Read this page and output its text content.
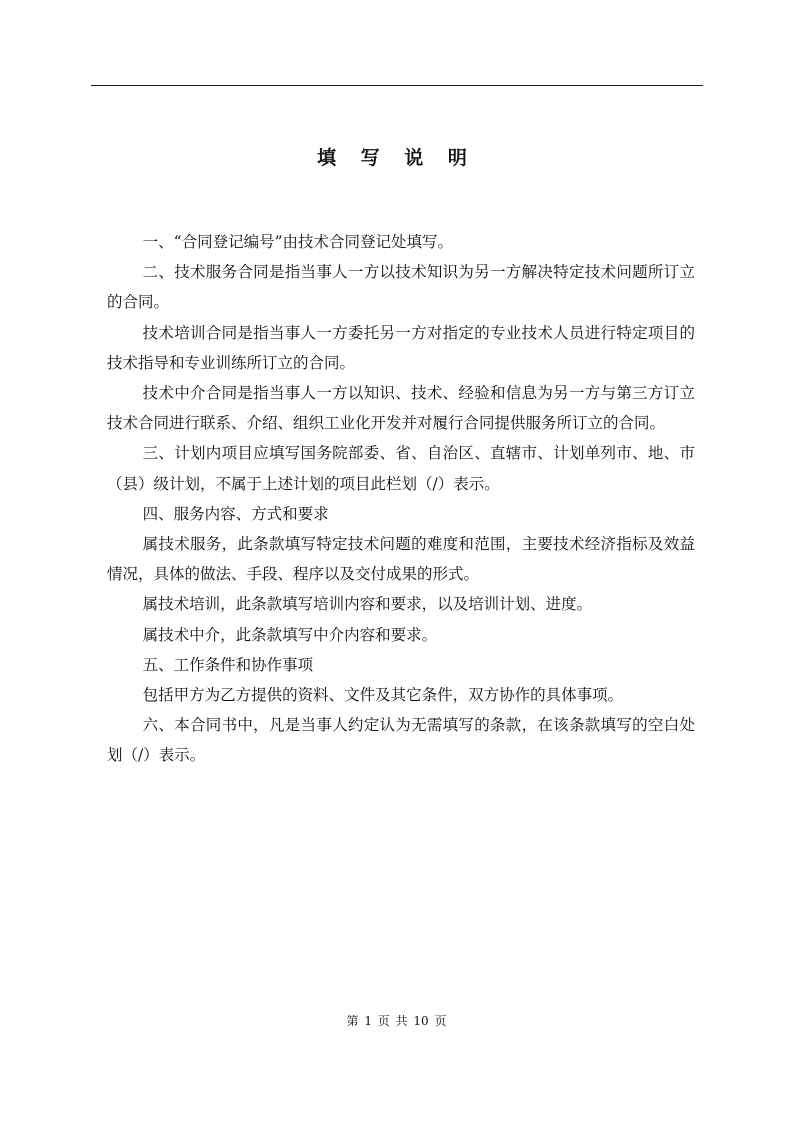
填 写 说 明

一、“合同登记编号”由技术合同登记处填写。

二、技术服务合同是指当事人一方以技术知识为另一方解决特定技术问题所订立的合同。

技术培训合同是指当事人一方委托另一方对指定的专业技术人员进行特定项目的技术指导和专业训练所订立的合同。

技术中介合同是指当事人一方以知识、技术、经验和信息为另一方与第三方订立技术合同进行联系、介绍、组织工业化开发并对履行合同提供服务所订立的合同。

三、计划内项目应填写国务院部委、省、自治区、直辖市、计划单列市、地、市（县）级计划，不属于上述计划的项目此栏划（/）表示。

四、服务内容、方式和要求

属技术服务，此条款填写特定技术问题的难度和范围，主要技术经济指标及效益情况，具体的做法、手段、程序以及交付成果的形式。

属技术培训，此条款填写培训内容和要求，以及培训计划、进度。

属技术中介，此条款填写中介内容和要求。

五、工作条件和协作事项

包括甲方为乙方提供的资料、文件及其它条件，双方协作的具体事项。

六、本合同书中，凡是当事人约定认为无需填写的条款，在该条款填写的空白处划（/）表示。

第 1 页 共 10 页
